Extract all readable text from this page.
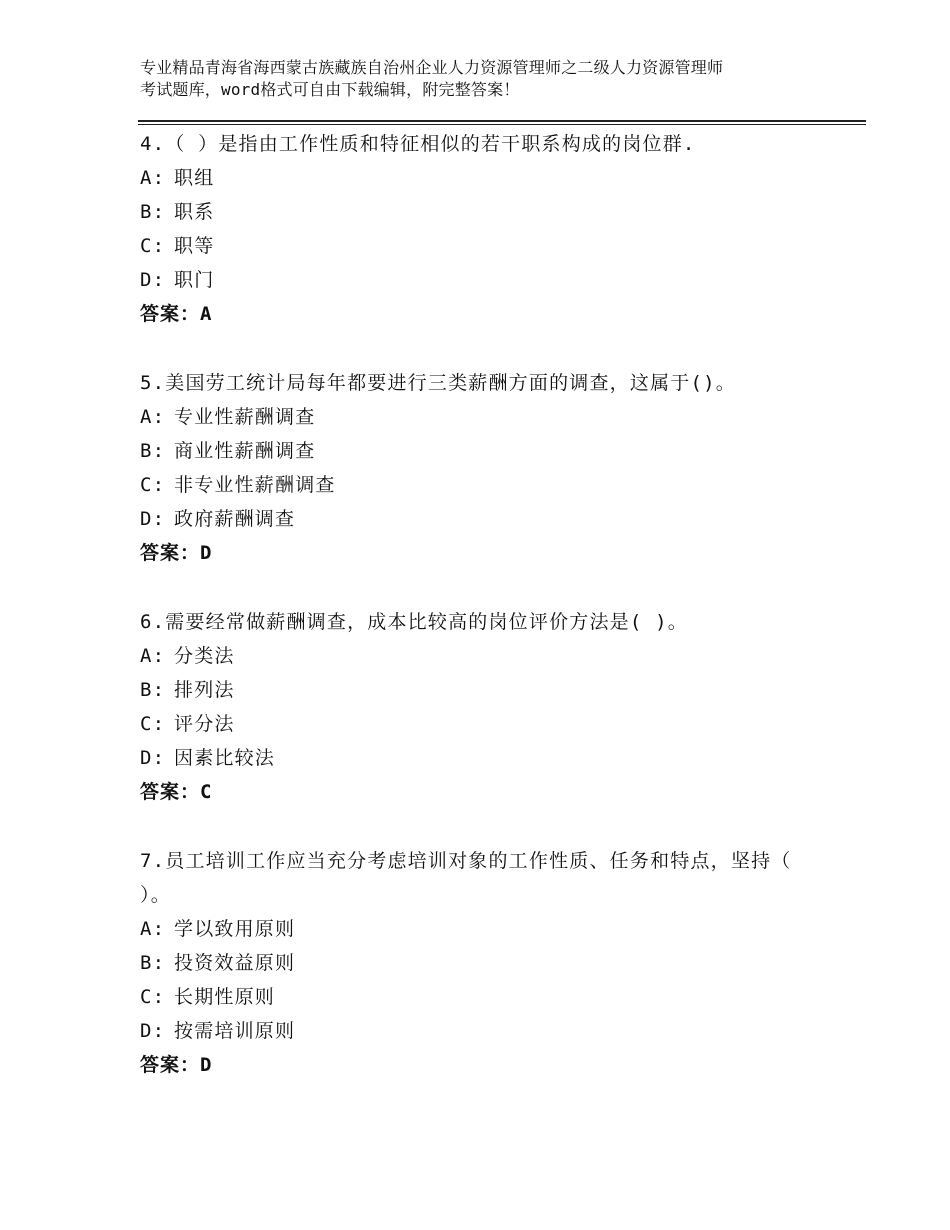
专业精品青海省海西蒙古族藏族自治州企业人力资源管理师之二级人力资源管理师
考试题库，word格式可自由下载编辑，附完整答案！

4.（ ）是指由工作性质和特征相似的若干职系构成的岗位群.

A: 职组
B: 职系
C: 职等
D: 职门
答案：A

5.美国劳工统计局每年都要进行三类薪酬方面的调查，这属于()。

A: 专业性薪酬调查
B: 商业性薪酬调查
C: 非专业性薪酬调查
D: 政府薪酬调查
答案：D

6.需要经常做薪酬调查，成本比较高的岗位评价方法是( )。

A: 分类法
B: 排列法
C: 评分法
D: 因素比较法
答案：C

7.员工培训工作应当充分考虑培训对象的工作性质、任务和特点，坚持（ ）。

A: 学以致用原则
B: 投资效益原则
C: 长期性原则
D: 按需培训原则
答案：D
